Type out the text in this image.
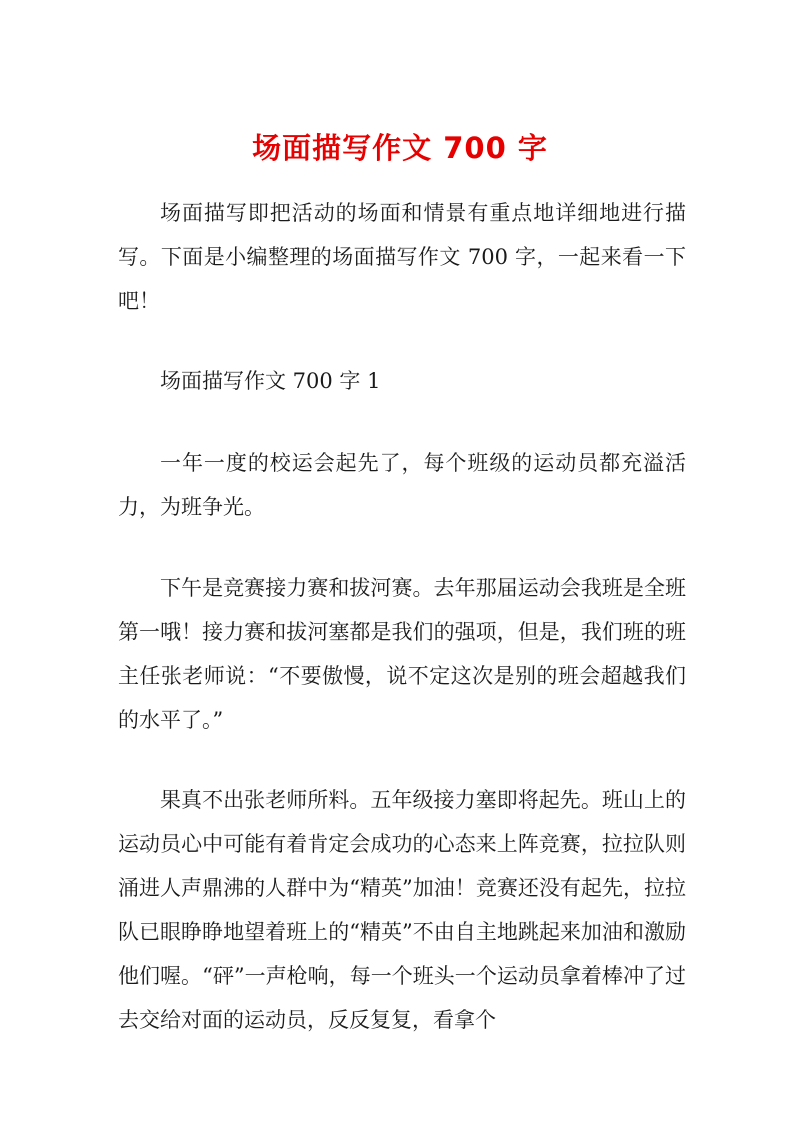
场面描写作文 700 字

场面描写即把活动的场面和情景有重点地详细地进行描写。下面是小编整理的场面描写作文 700 字，一起来看一下吧！

场面描写作文 700 字 1

一年一度的校运会起先了，每个班级的运动员都充溢活力，为班争光。

下午是竞赛接力赛和拔河赛。去年那届运动会我班是全班第一哦！接力赛和拔河塞都是我们的强项，但是，我们班的班主任张老师说：“不要傲慢，说不定这次是别的班会超越我们的水平了。”

果真不出张老师所料。五年级接力塞即将起先。班山上的运动员心中可能有着肯定会成功的心态来上阵竞赛，拉拉队则涌进人声鼎沸的人群中为“精英”加油！竞赛还没有起先，拉拉队已眼睁睁地望着班上的“精英”不由自主地跳起来加油和激励他们喔。“砰”一声枪响，每一个班头一个运动员拿着棒冲了过去交给对面的运动员，反反复复，看拿个
